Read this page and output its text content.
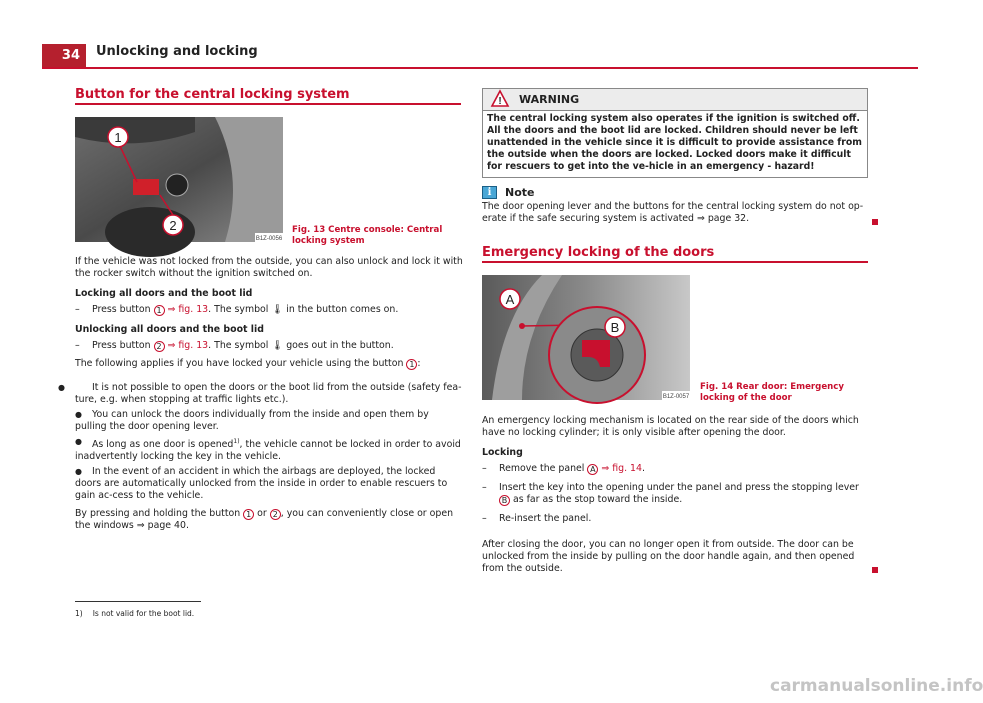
34	Unlocking and locking
Button for the central locking system
1
2
B1Z-0056
Fig. 13 Centre console: Central locking system

If the vehicle was not locked from the outside, you can also unlock and lock it with the rocker switch without the ignition switched on.

Locking all doors and the boot lid

– Press button 1 ⇒ fig. 13. The symbol 🌡 in the button comes on.

Unlocking all doors and the boot lid

– Press button 2 ⇒ fig. 13. The symbol 🌡 goes out in the button.

The following applies if you have locked your vehicle using the button 1 :

●	It is not possible to open the doors or the boot lid from the outside (safety fea-ture, e.g. when stopping at traffic lights etc.).

● You can unlock the doors individually from the inside and open them by pulling the door opening lever.

● As long as one door is opened$^{1)}$, the vehicle cannot be locked in order to avoid inadvertently locking the key in the vehicle.

● In the event of an accident in which the airbags are deployed, the locked doors are automatically unlocked from the inside in order to enable rescuers to gain ac-cess to the vehicle.

By pressing and holding the button 1 or 2 , you can conveniently close or open the windows ⇒ page 40.

1) Is not valid for the boot lid.
! WARNING
The central locking system also operates if the ignition is switched off. All the doors and the boot lid are locked. Children should never be left unattended in the vehicle since it is difficult to provide assistance from the outside when the doors are locked. Locked doors make it difficult for rescuers to get into the ve-hicle in an emergency - hazard!
i	Note
The door opening lever and the buttons for the central locking system do not op-erate if the safe securing system is activated ⇒ page 32.
Emergency locking of the doors
A
B
B1Z-0057
Fig. 14 Rear door: Emergency locking of the door

An emergency locking mechanism is located on the rear side of the doors which have no locking cylinder; it is only visible after opening the door.

Locking

– Remove the panel A ⇒ fig. 14.

– Insert the key into the opening under the panel and press the stopping lever B as far as the stop toward the inside.

– Re-insert the panel.

After closing the door, you can no longer open it from outside. The door can be unlocked from the inside by pulling on the door handle again, and then opened from the outside.

carmanualsonline.info
